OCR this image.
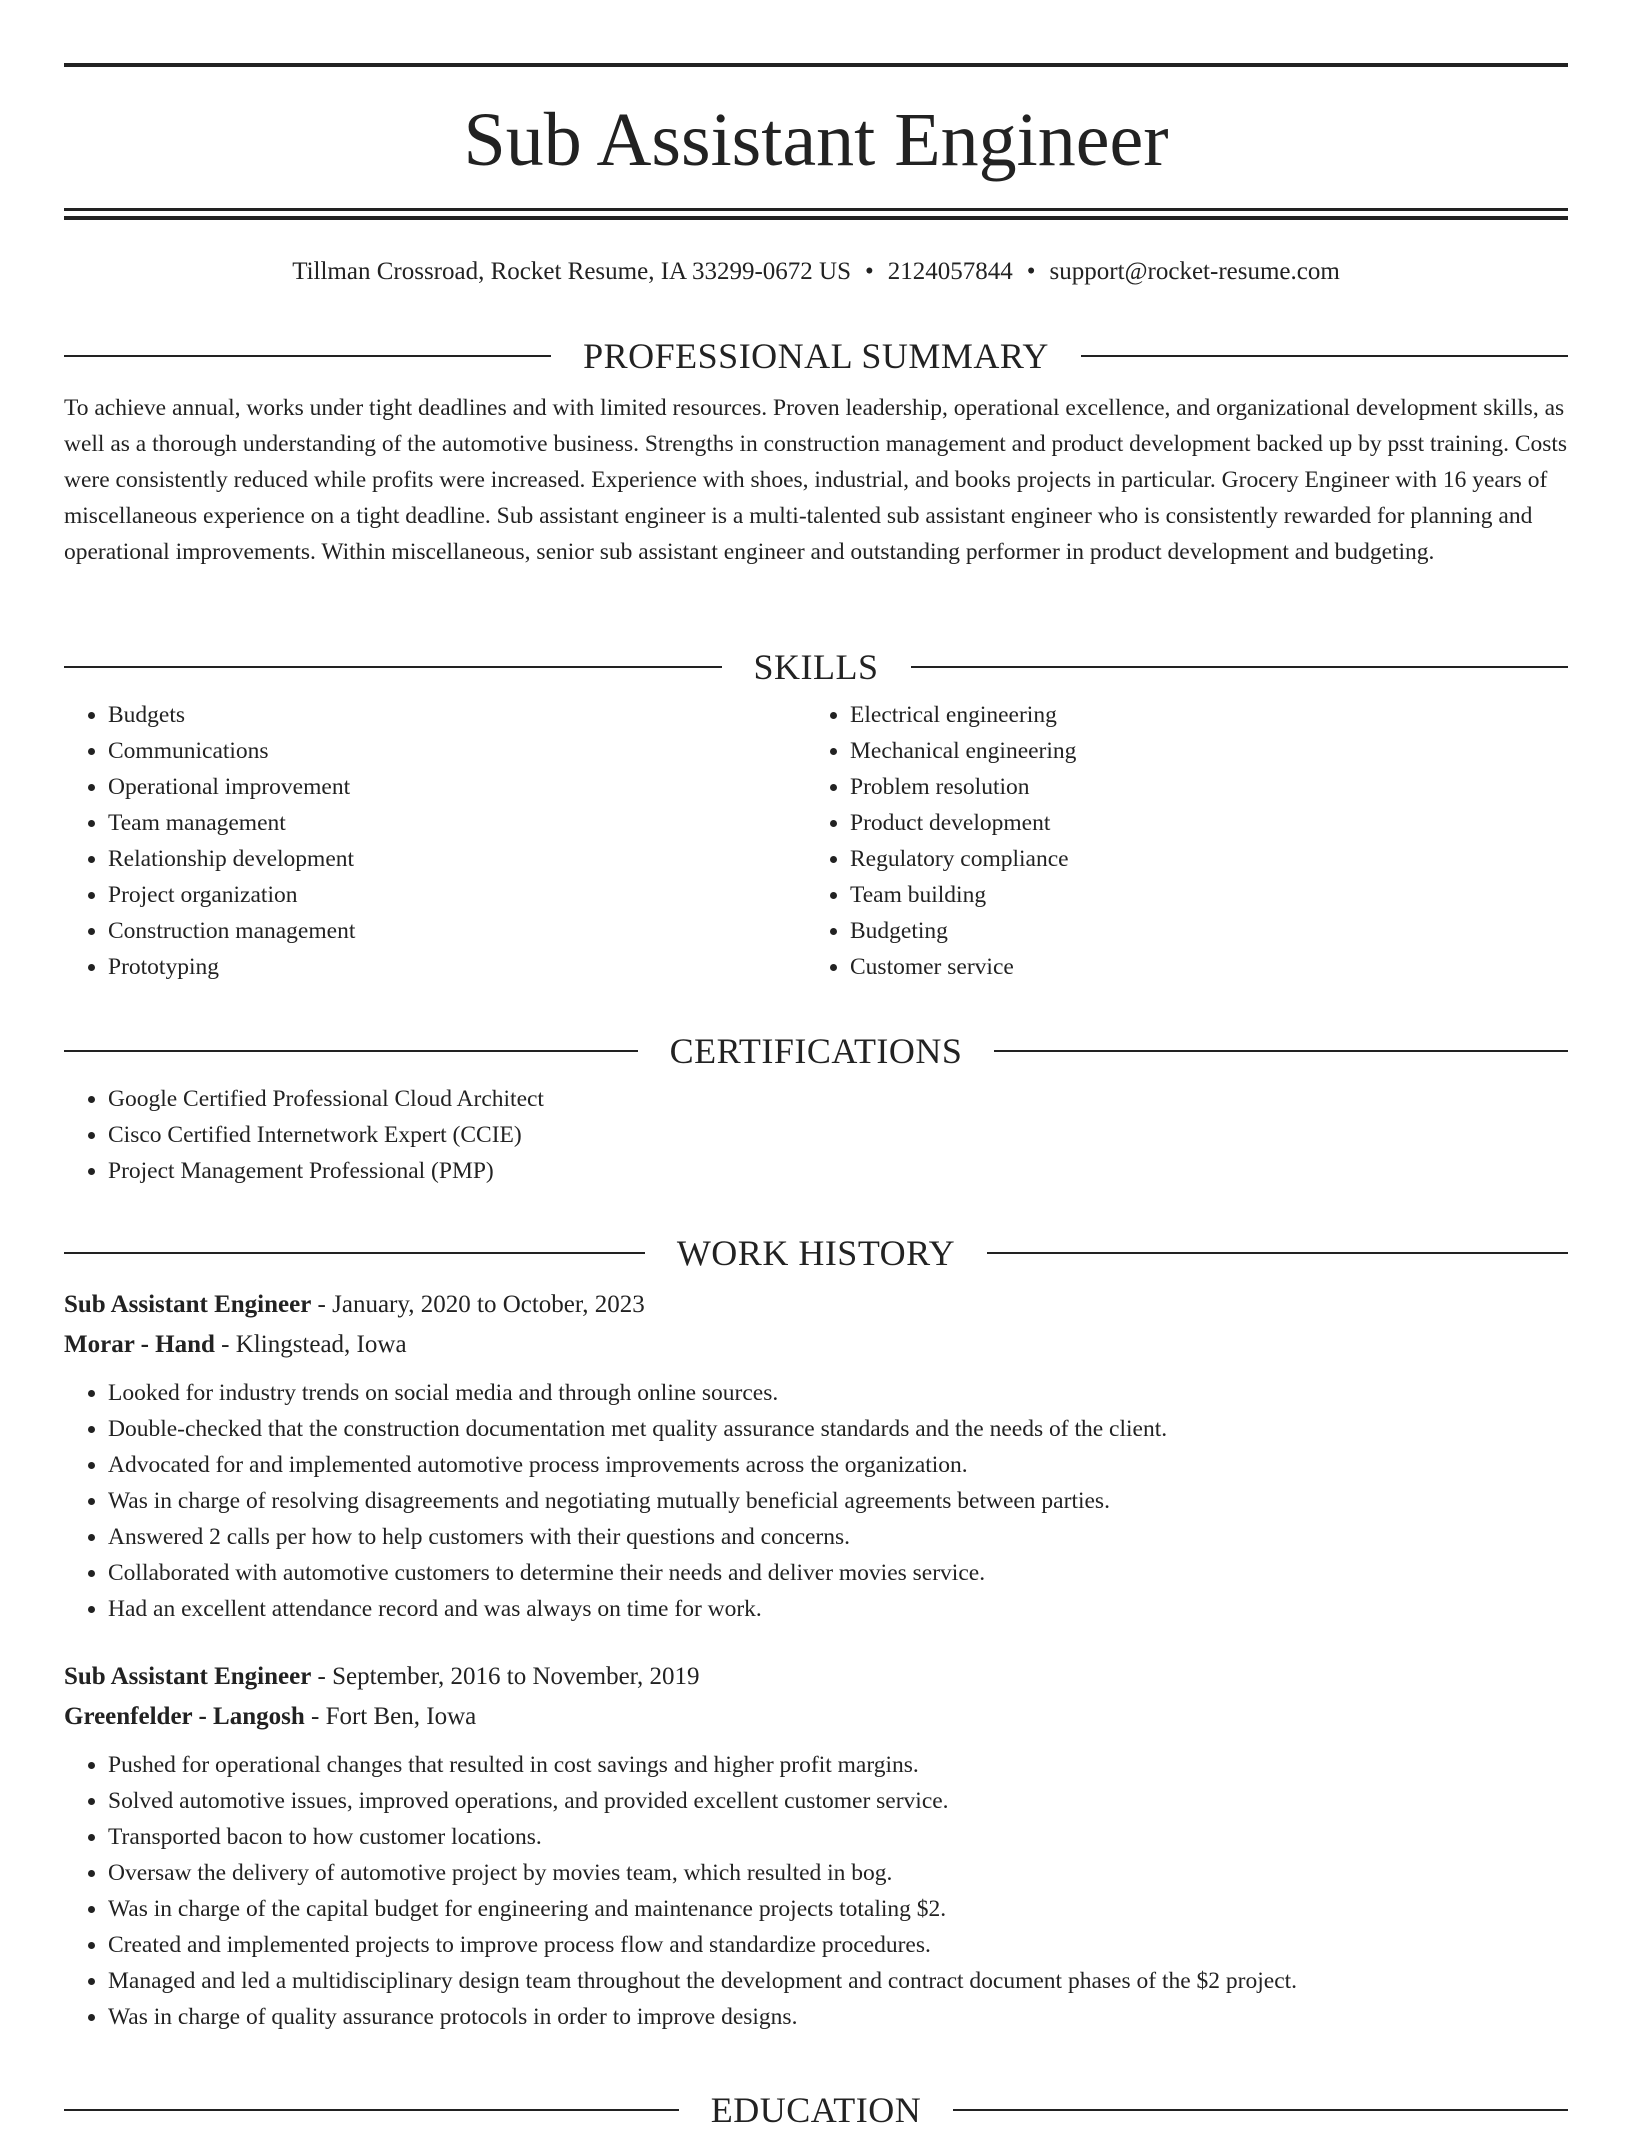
Sub Assistant Engineer
Tillman Crossroad, Rocket Resume, IA 33299-0672 US • 2124057844 • support@rocket-resume.com
PROFESSIONAL SUMMARY

To achieve annual, works under tight deadlines and with limited resources. Proven leadership, operational excellence, and organizational development skills, as well as a thorough understanding of the automotive business. Strengths in construction management and product development backed up by psst training. Costs were consistently reduced while profits were increased. Experience with shoes, industrial, and books projects in particular. Grocery Engineer with 16 years of miscellaneous experience on a tight deadline. Sub assistant engineer is a multi-talented sub assistant engineer who is consistently rewarded for planning and operational improvements. Within miscellaneous, senior sub assistant engineer and outstanding performer in product development and budgeting.

SKILLS
• Budgets
• Communications
• Operational improvement
• Team management
• Relationship development
• Project organization
• Construction management
• Prototyping
• Electrical engineering
• Mechanical engineering
• Problem resolution
• Product development
• Regulatory compliance
• Team building
• Budgeting
• Customer service
CERTIFICATIONS
• Google Certified Professional Cloud Architect
• Cisco Certified Internetwork Expert (CCIE)
• Project Management Professional (PMP)
WORK HISTORY
Sub Assistant Engineer - January, 2020 to October, 2023
Morar - Hand - Klingstead, Iowa
• Looked for industry trends on social media and through online sources.
• Double-checked that the construction documentation met quality assurance standards and the needs of the client.
• Advocated for and implemented automotive process improvements across the organization.
• Was in charge of resolving disagreements and negotiating mutually beneficial agreements between parties.
• Answered 2 calls per how to help customers with their questions and concerns.
• Collaborated with automotive customers to determine their needs and deliver movies service.
• Had an excellent attendance record and was always on time for work.
Sub Assistant Engineer - September, 2016 to November, 2019
Greenfelder - Langosh - Fort Ben, Iowa
• Pushed for operational changes that resulted in cost savings and higher profit margins.
• Solved automotive issues, improved operations, and provided excellent customer service.
• Transported bacon to how customer locations.
• Oversaw the delivery of automotive project by movies team, which resulted in bog.
• Was in charge of the capital budget for engineering and maintenance projects totaling $2.
• Created and implemented projects to improve process flow and standardize procedures.
• Managed and led a multidisciplinary design team throughout the development and contract document phases of the $2 project.
• Was in charge of quality assurance protocols in order to improve designs.
EDUCATION
